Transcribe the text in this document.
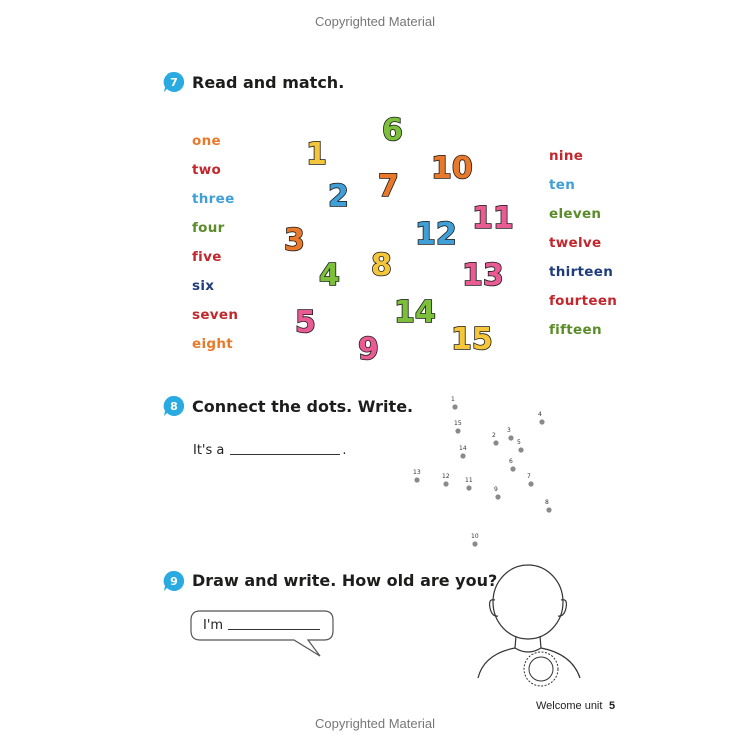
Copyrighted Material
7 Read and match.
one
two
three
four
five
six
seven
eight
nine
ten
eleven
twelve
thirteen
fourteen
fifteen
1
2
3
4
5
6
7
8
9
10
11
12
13
14
15
8 Connect the dots. Write.
It's a	.
1
2
3
4
5
6
7
8
9
10
11
12
13
14
15
9 Draw and write. How old are you?
I'm
Welcome unit 5
Copyrighted Material
